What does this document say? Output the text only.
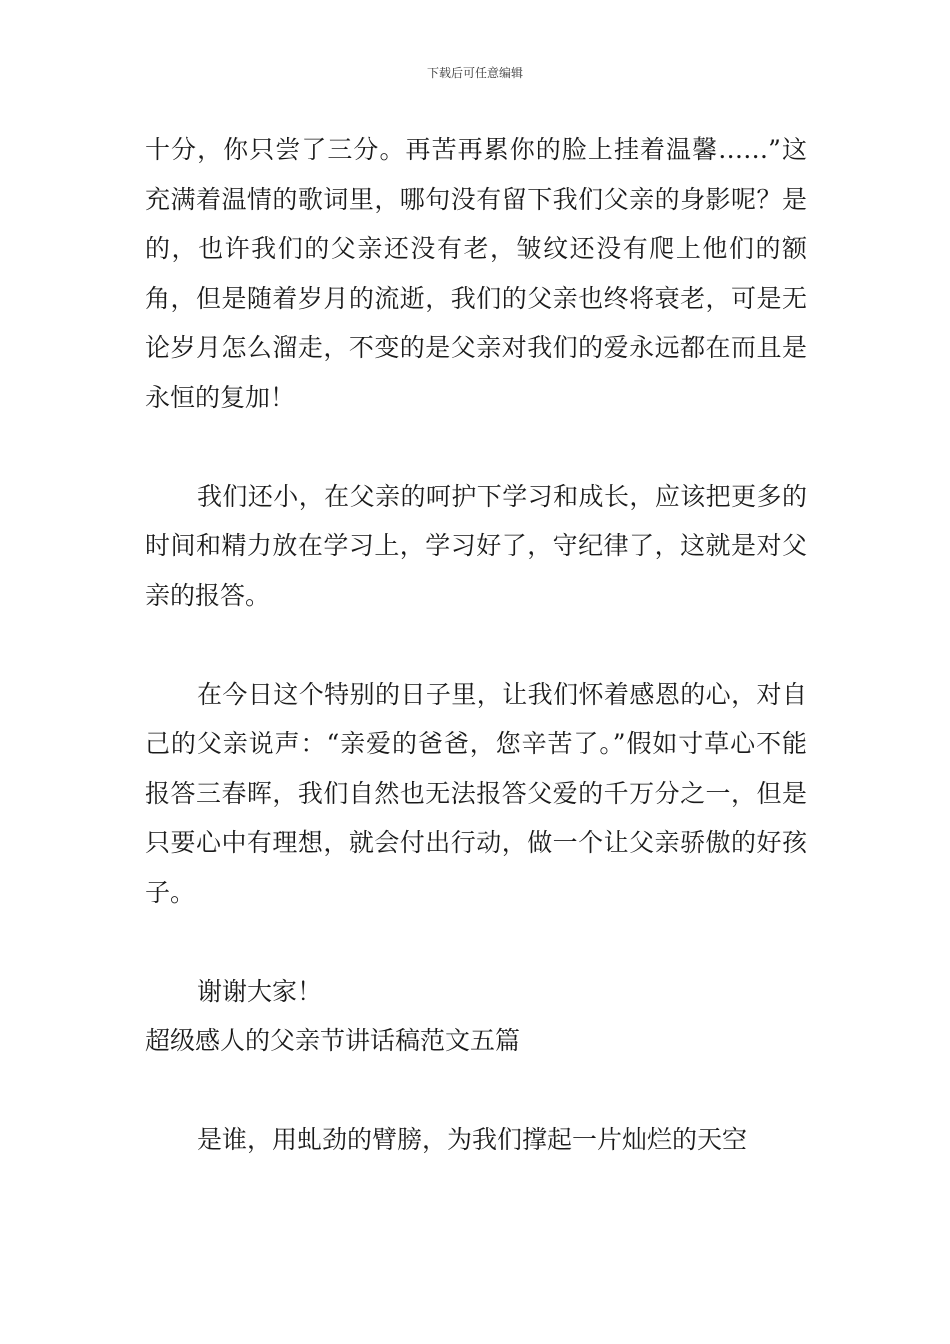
下载后可任意编辑

十分，你只尝了三分。再苦再累你的脸上挂着温馨……”这充满着温情的歌词里，哪句没有留下我们父亲的身影呢？是的，也许我们的父亲还没有老，皱纹还没有爬上他们的额角，但是随着岁月的流逝，我们的父亲也终将衰老，可是无论岁月怎么溜走，不变的是父亲对我们的爱永远都在而且是永恒的复加！

我们还小，在父亲的呵护下学习和成长，应该把更多的时间和精力放在学习上，学习好了，守纪律了，这就是对父亲的报答。

在今日这个特别的日子里，让我们怀着感恩的心，对自己的父亲说声：“亲爱的爸爸，您辛苦了。”假如寸草心不能报答三春晖，我们自然也无法报答父爱的千万分之一，但是只要心中有理想，就会付出行动，做一个让父亲骄傲的好孩子。

谢谢大家！

超级感人的父亲节讲话稿范文五篇

是谁，用虬劲的臂膀，为我们撑起一片灿烂的天空
